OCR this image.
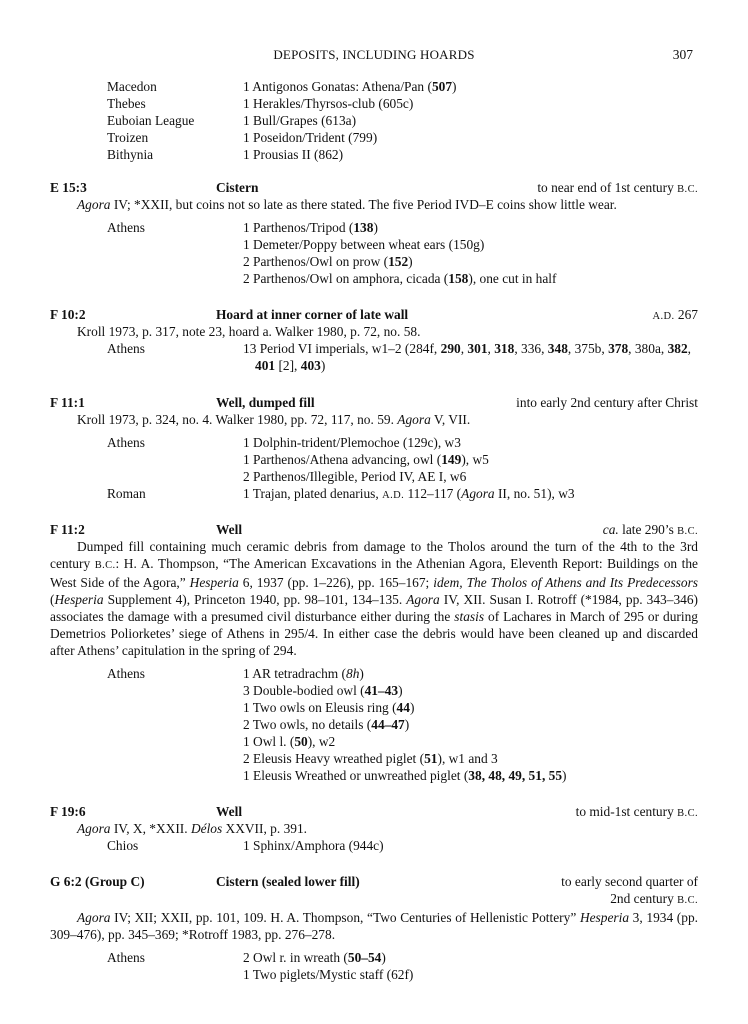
DEPOSITS, INCLUDING HOARDS	307
Macedon	1 Antigonos Gonatas: Athena/Pan (507)
Thebes	1 Herakles/Thyrsos-club (605c)
Euboian League	1 Bull/Grapes (613a)
Troizen	1 Poseidon/Trident (799)
Bithynia	1 Prousias II (862)
E 15:3	Cistern	to near end of 1st century B.C.
Agora IV; *XXII, but coins not so late as there stated. The five Period IVD–E coins show little wear.
Athens	1 Parthenos/Tripod (138)
1 Demeter/Poppy between wheat ears (150g)
2 Parthenos/Owl on prow (152)
2 Parthenos/Owl on amphora, cicada (158), one cut in half
F 10:2	Hoard at inner corner of late wall	A.D. 267
Kroll 1973, p. 317, note 23, hoard a. Walker 1980, p. 72, no. 58.
Athens	13 Period VI imperials, w1–2 (284f, 290, 301, 318, 336, 348, 375b, 378, 380a, 382,
401 [2], 403)
F 11:1	Well, dumped fill	into early 2nd century after Christ
Kroll 1973, p. 324, no. 4. Walker 1980, pp. 72, 117, no. 59. Agora V, VII.
Athens	1 Dolphin-trident/Plemochoe (129c), w3
1 Parthenos/Athena advancing, owl (149), w5
2 Parthenos/Illegible, Period IV, AE I, w6
Roman	1 Trajan, plated denarius, A.D. 112–117 (Agora II, no. 51), w3
F 11:2	Well	ca. late 290’s B.C.
Dumped fill containing much ceramic debris from damage to the Tholos around the turn of the 4th to the 3rd century B.C.: H. A. Thompson, “The American Excavations in the Athenian Agora, Eleventh Report: Buildings on the West Side of the Agora,” Hesperia 6, 1937 (pp. 1–226), pp. 165–167; idem, The Tholos of Athens and Its Predecessors (Hesperia Supplement 4), Princeton 1940, pp. 98–101, 134–135. Agora IV, XII. Susan I. Rotroff (*1984, pp. 343–346) associates the damage with a presumed civil disturbance either during the stasis of Lachares in March of 295 or during Demetrios Poliorketes’ siege of Athens in 295/4. In either case the debris would have been cleaned up and discarded after Athens’ capitulation in the spring of 294.
Athens	1 AR tetradrachm (8h)
3 Double-bodied owl (41–43)
1 Two owls on Eleusis ring (44)
2 Two owls, no details (44–47)
1 Owl l. (50), w2
2 Eleusis Heavy wreathed piglet (51), w1 and 3
1 Eleusis Wreathed or unwreathed piglet (38, 48, 49, 51, 55)
F 19:6	Well	to mid-1st century B.C.
Agora IV, X, *XXII. Délos XXVII, p. 391.
Chios	1 Sphinx/Amphora (944c)
G 6:2 (Group C)	Cistern (sealed lower fill)	to early second quarter of
2nd century B.C.
Agora IV; XII; XXII, pp. 101, 109. H. A. Thompson, “Two Centuries of Hellenistic Pottery” Hesperia 3, 1934 (pp. 309–476), pp. 345–369; *Rotroff 1983, pp. 276–278.
Athens	2 Owl r. in wreath (50–54)
1 Two piglets/Mystic staff (62f)
